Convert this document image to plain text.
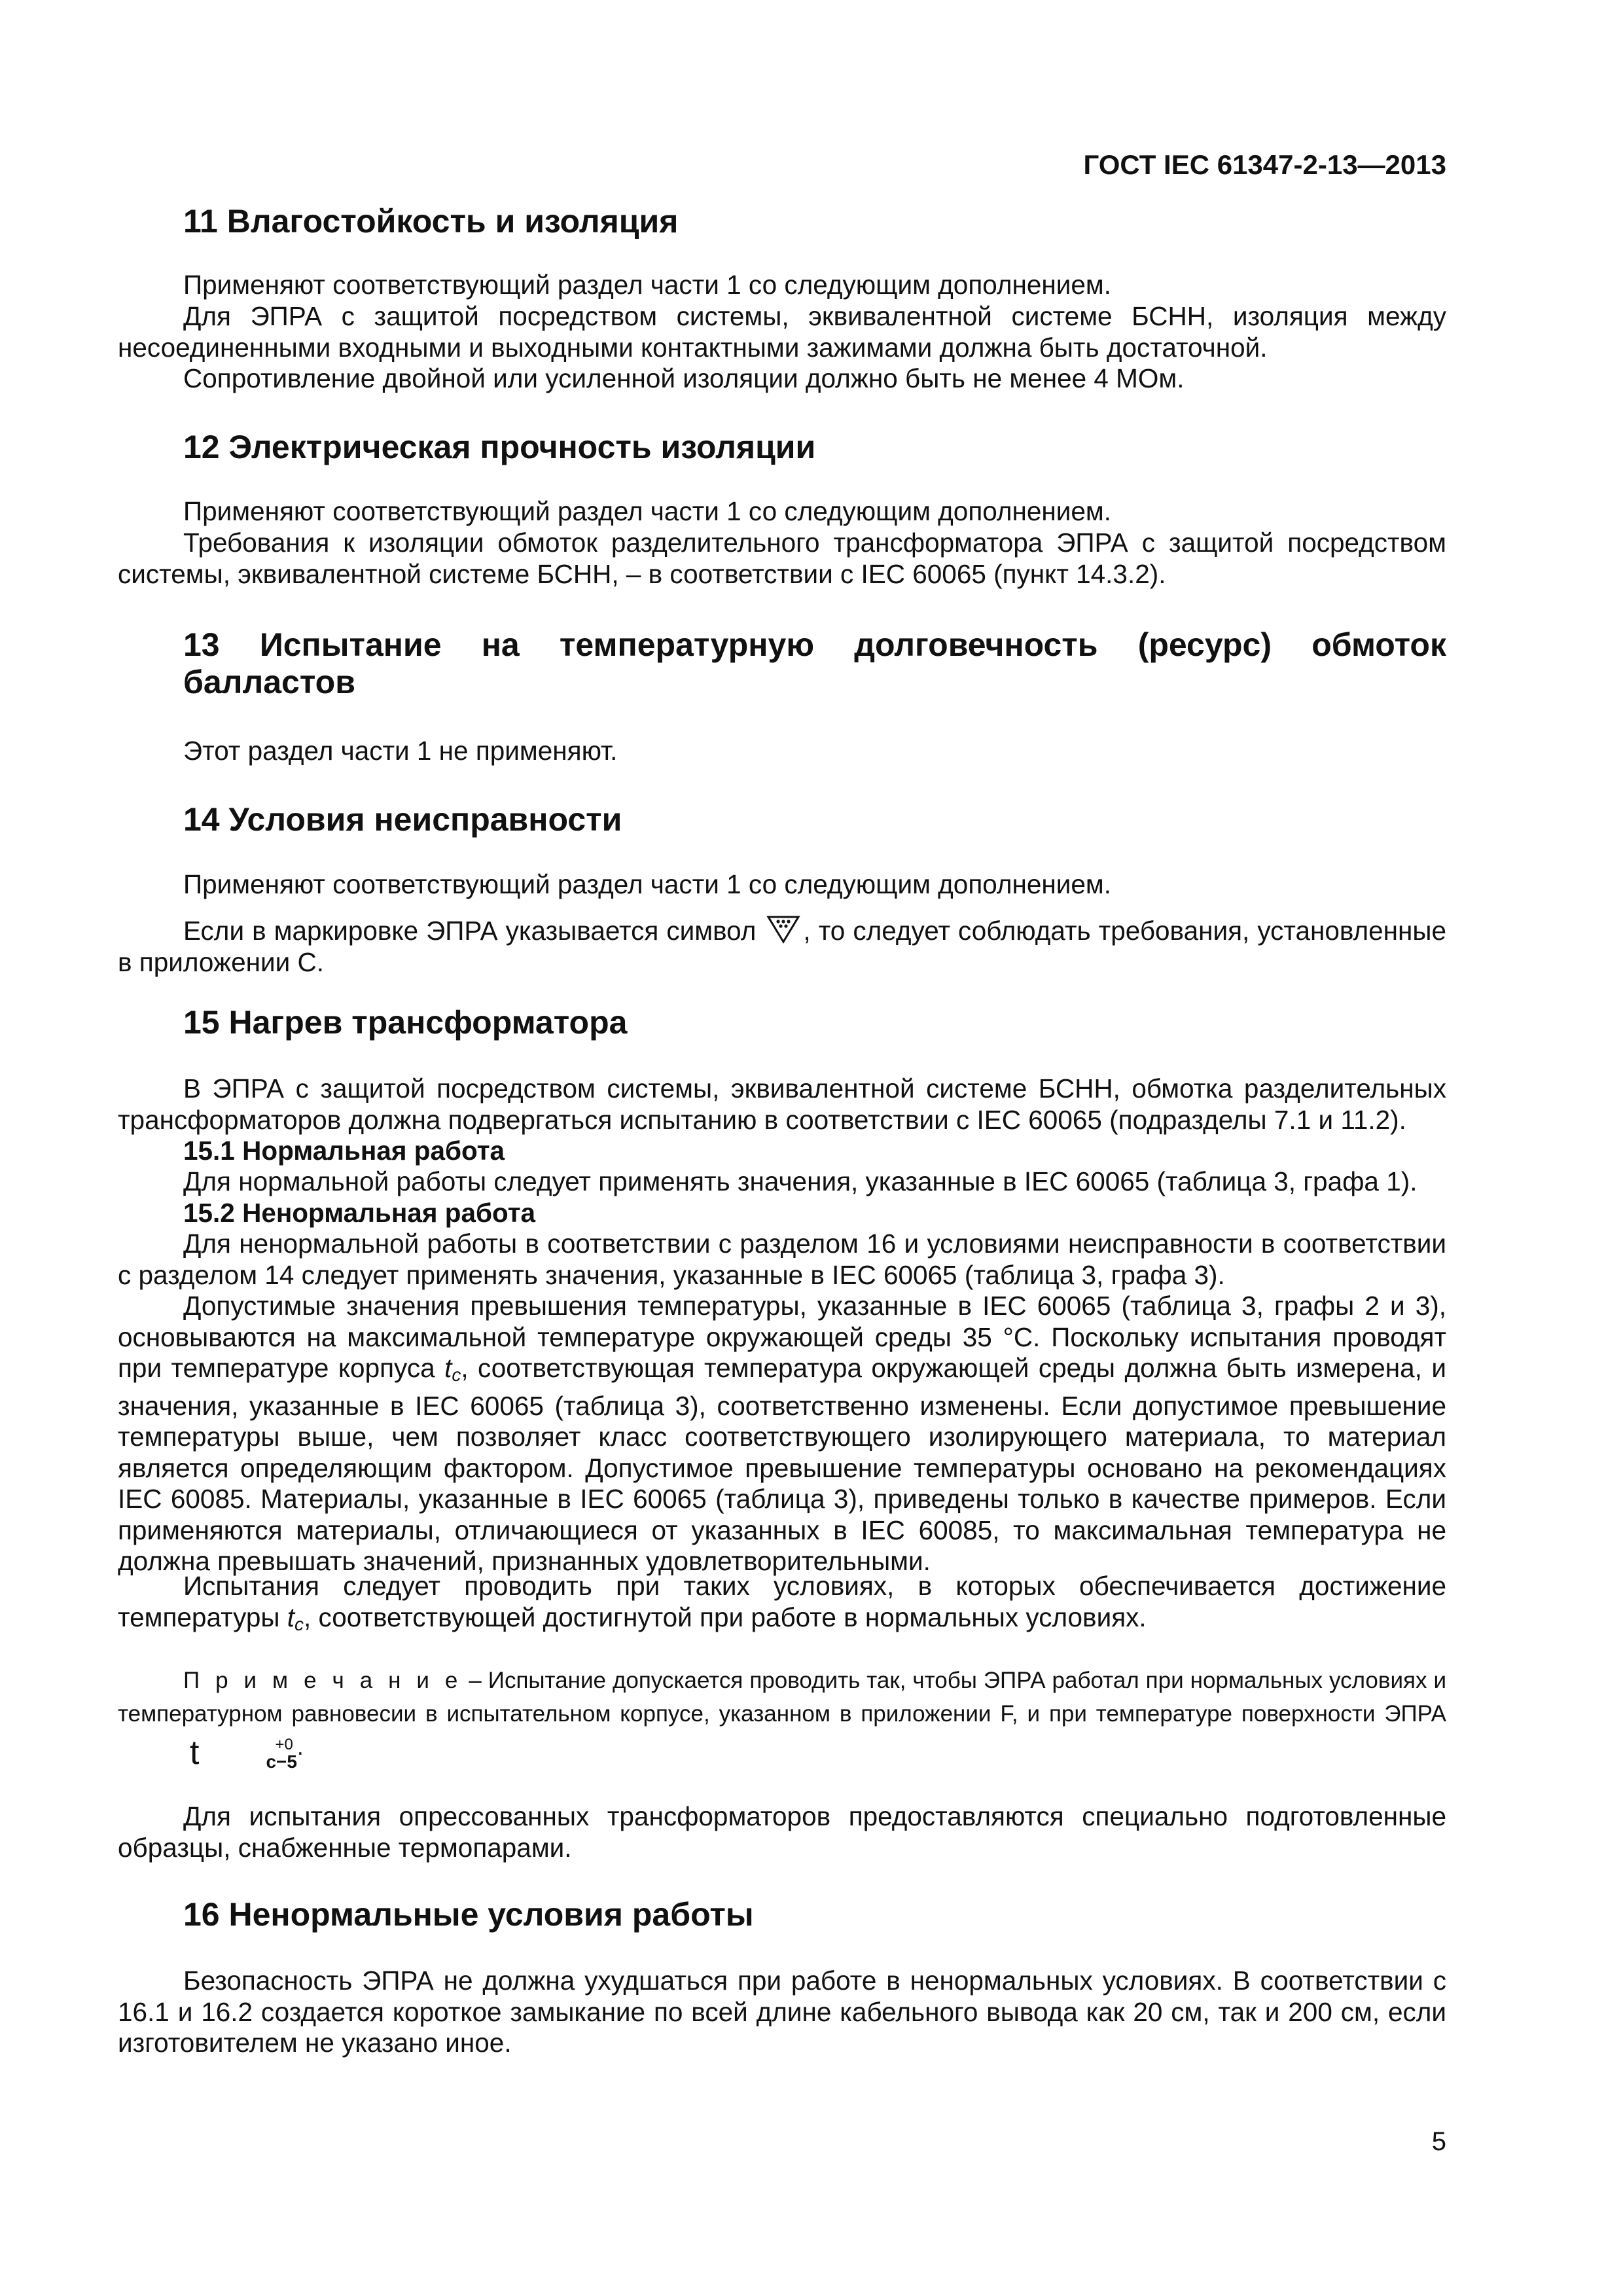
ГОСТ IEC 61347-2-13—2013
11 Влагостойкость и изоляция

Применяют соответствующий раздел части 1 со следующим дополнением.

Для ЭПРА с защитой посредством системы, эквивалентной системе БСНН, изоляция между несоединенными входными и выходными контактными зажимами должна быть достаточной.

Сопротивление двойной или усиленной изоляции должно быть не менее 4 МОм.

12 Электрическая прочность изоляции

Применяют соответствующий раздел части 1 со следующим дополнением.

Требования к изоляции обмоток разделительного трансформатора ЭПРА с защитой посредством системы, эквивалентной системе БСНН, – в соответствии с IEC 60065 (пункт 14.3.2).

13 Испытание на температурную долговечность (ресурс) обмоток
балластов

Этот раздел части 1 не применяют.

14 Условия неисправности

Применяют соответствующий раздел части 1 со следующим дополнением.

Если в маркировке ЭПРА указывается символ , то следует соблюдать требования, установленные в приложении С.

15 Нагрев трансформатора

В ЭПРА с защитой посредством системы, эквивалентной системе БСНН, обмотка разделительных трансформаторов должна подвергаться испытанию в соответствии с IEC 60065 (подразделы 7.1 и 11.2).

15.1 Нормальная работа

Для нормальной работы следует применять значения, указанные в IEC 60065 (таблица 3, графа 1).

15.2 Ненормальная работа

Для ненормальной работы в соответствии с разделом 16 и условиями неисправности в соответствии с разделом 14 следует применять значения, указанные в IEC 60065 (таблица 3, графа 3).

Допустимые значения превышения температуры, указанные в IEC 60065 (таблица 3, графы 2 и 3), основываются на максимальной температуре окружающей среды 35 °С. Поскольку испытания проводят при температуре корпуса tc, соответствующая температура окружающей среды должна быть измерена, и значения, указанные в IEC 60065 (таблица 3), соответственно изменены. Если допустимое превышение температуры выше, чем позволяет класс соответствующего изолирующего материала, то материал является определяющим фактором. Допустимое превышение температуры основано на рекомендациях IEC 60085. Материалы, указанные в IEC 60065 (таблица 3), приведены только в качестве примеров. Если применяются материалы, отличающиеся от указанных в IEC 60085, то максимальная температура не должна превышать значений, признанных удовлетворительными.

Испытания следует проводить при таких условиях, в которых обеспечивается достижение температуры tc, соответствующей достигнутой при работе в нормальных условиях.

П р и м е ч а н и е – Испытание допускается проводить так, чтобы ЭПРА работал при нормальных условиях и температурном равновесии в испытательном корпусе, указанном в приложении F, и при температуре поверхности ЭПРА
t	+0
c−5
.

Для испытания опрессованных трансформаторов предоставляются специально подготовленные образцы, снабженные термопарами.

16 Ненормальные условия работы

Безопасность ЭПРА не должна ухудшаться при работе в ненормальных условиях. В соответствии с 16.1 и 16.2 создается короткое замыкание по всей длине кабельного вывода как 20 см, так и 200 см, если изготовителем не указано иное.

5
